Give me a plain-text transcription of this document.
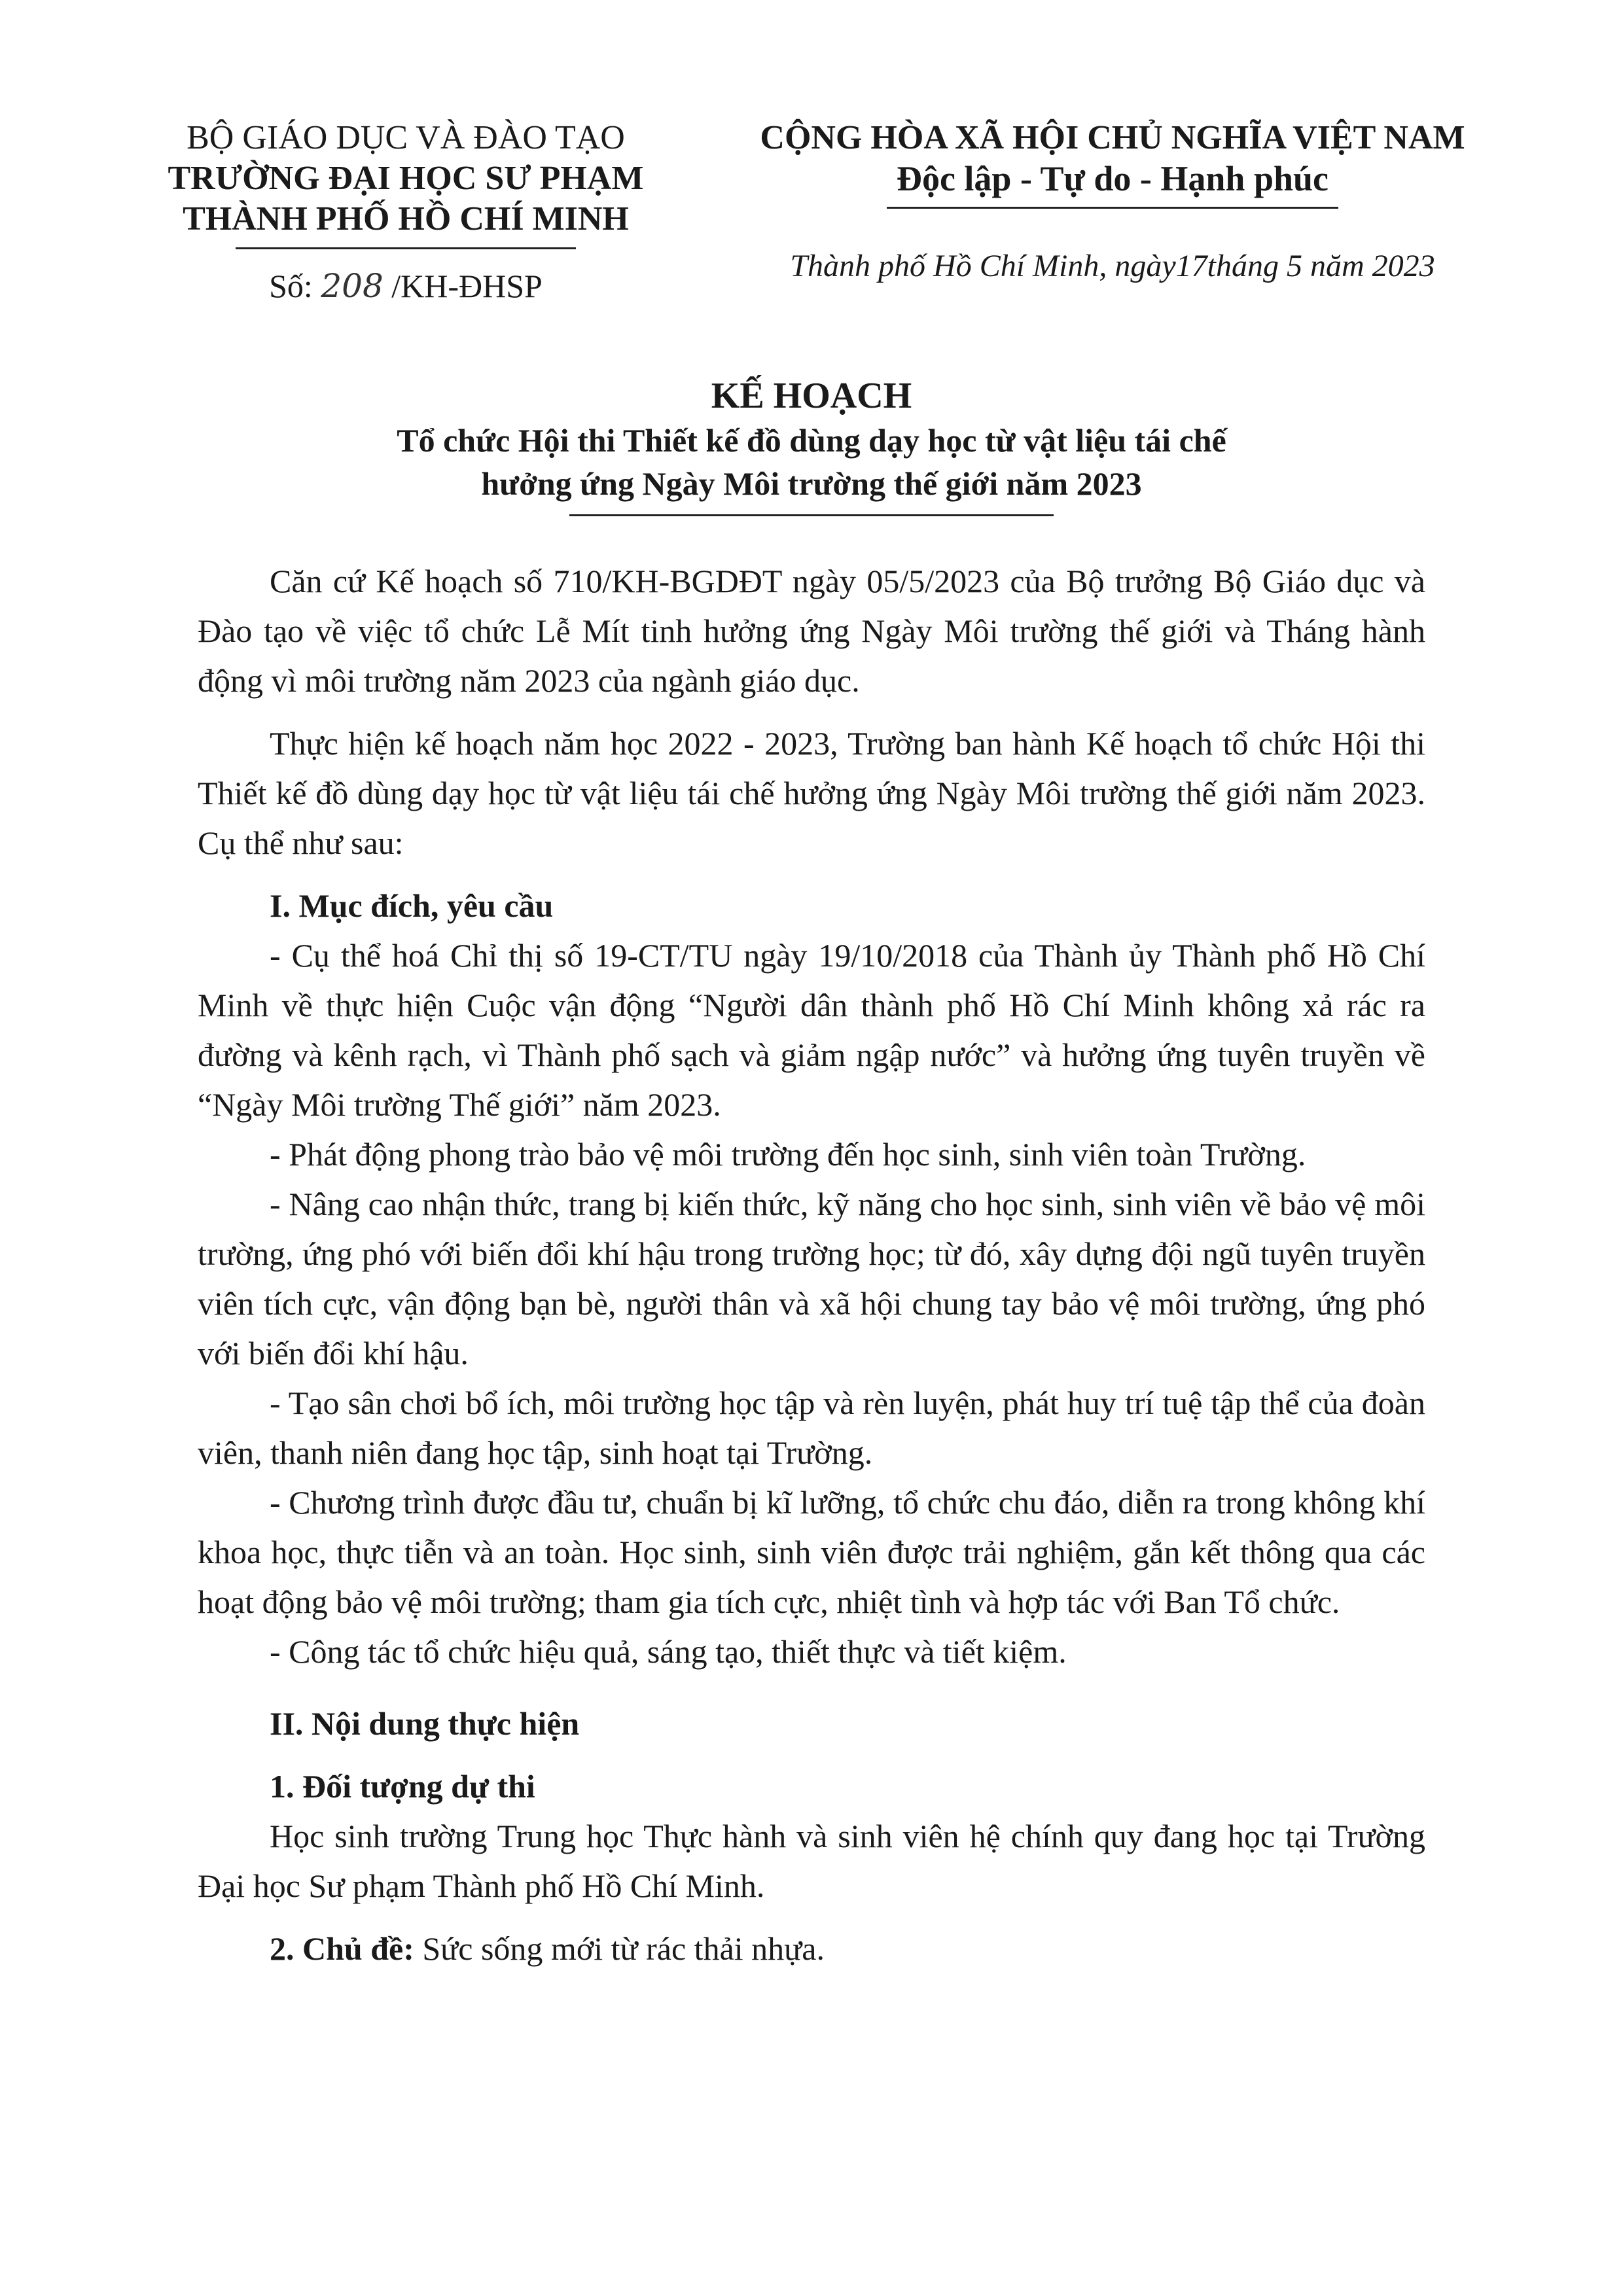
BỘ GIÁO DỤC VÀ ĐÀO TẠO
TRƯỜNG ĐẠI HỌC SƯ PHẠM
THÀNH PHỐ HỒ CHÍ MINH
Số: 208 /KH-ĐHSP
CỘNG HÒA XÃ HỘI CHỦ NGHĨA VIỆT NAM
Độc lập - Tự do - Hạnh phúc
Thành phố Hồ Chí Minh, ngày17tháng 5 năm 2023
KẾ HOẠCH
Tổ chức Hội thi Thiết kế đồ dùng dạy học từ vật liệu tái chế
hưởng ứng Ngày Môi trường thế giới năm 2023

Căn cứ Kế hoạch số 710/KH-BGDĐT ngày 05/5/2023 của Bộ trưởng Bộ Giáo dục và Đào tạo về việc tổ chức Lễ Mít tinh hưởng ứng Ngày Môi trường thế giới và Tháng hành động vì môi trường năm 2023 của ngành giáo dục.

Thực hiện kế hoạch năm học 2022 - 2023, Trường ban hành Kế hoạch tổ chức Hội thi Thiết kế đồ dùng dạy học từ vật liệu tái chế hưởng ứng Ngày Môi trường thế giới năm 2023. Cụ thể như sau:

I. Mục đích, yêu cầu

- Cụ thể hoá Chỉ thị số 19-CT/TU ngày 19/10/2018 của Thành ủy Thành phố Hồ Chí Minh về thực hiện Cuộc vận động “Người dân thành phố Hồ Chí Minh không xả rác ra đường và kênh rạch, vì Thành phố sạch và giảm ngập nước” và hưởng ứng tuyên truyền về “Ngày Môi trường Thế giới” năm 2023.

- Phát động phong trào bảo vệ môi trường đến học sinh, sinh viên toàn Trường.

- Nâng cao nhận thức, trang bị kiến thức, kỹ năng cho học sinh, sinh viên về bảo vệ môi trường, ứng phó với biến đổi khí hậu trong trường học; từ đó, xây dựng đội ngũ tuyên truyền viên tích cực, vận động bạn bè, người thân và xã hội chung tay bảo vệ môi trường, ứng phó với biến đổi khí hậu.

- Tạo sân chơi bổ ích, môi trường học tập và rèn luyện, phát huy trí tuệ tập thể của đoàn viên, thanh niên đang học tập, sinh hoạt tại Trường.

- Chương trình được đầu tư, chuẩn bị kĩ lưỡng, tổ chức chu đáo, diễn ra trong không khí khoa học, thực tiễn và an toàn. Học sinh, sinh viên được trải nghiệm, gắn kết thông qua các hoạt động bảo vệ môi trường; tham gia tích cực, nhiệt tình và hợp tác với Ban Tổ chức.

- Công tác tổ chức hiệu quả, sáng tạo, thiết thực và tiết kiệm.

II. Nội dung thực hiện
1. Đối tượng dự thi

Học sinh trường Trung học Thực hành và sinh viên hệ chính quy đang học tại Trường Đại học Sư phạm Thành phố Hồ Chí Minh.

2. Chủ đề: Sức sống mới từ rác thải nhựa.
